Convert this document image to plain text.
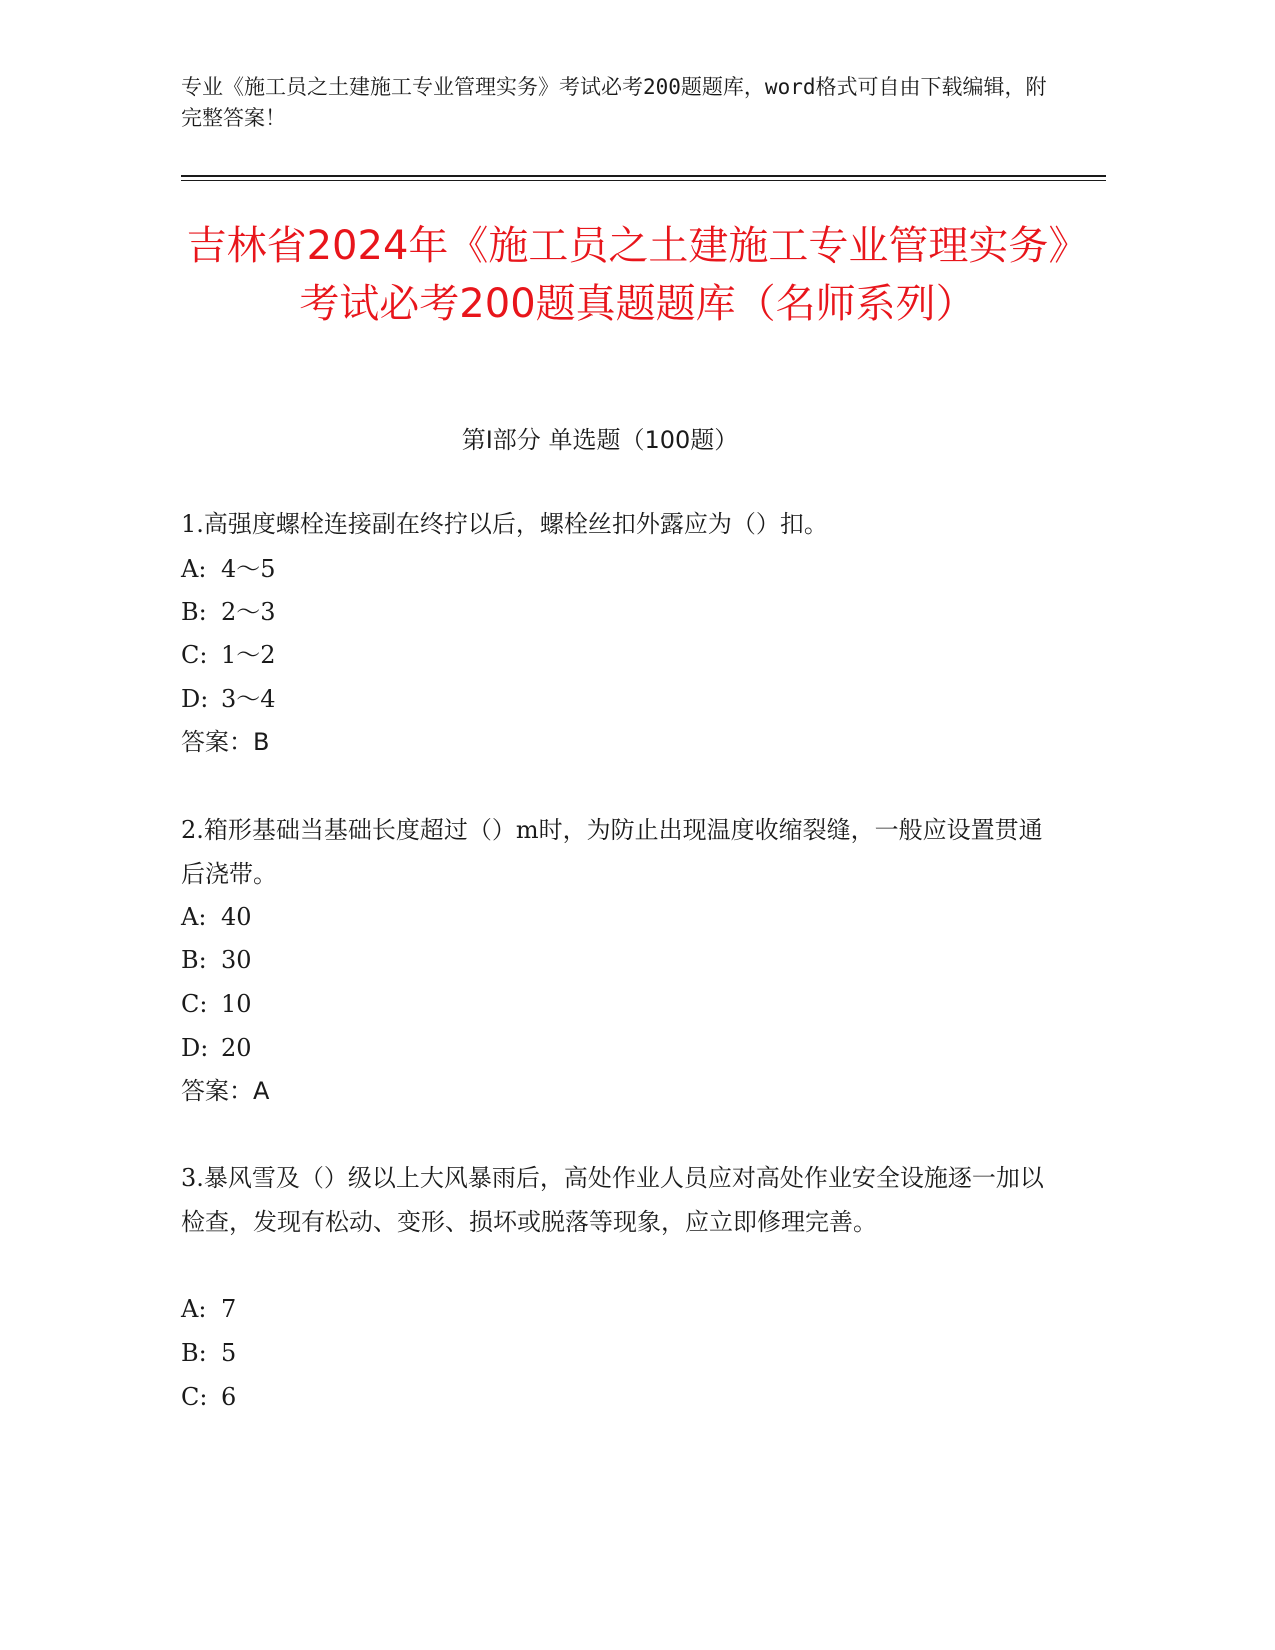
专业《施工员之土建施工专业管理实务》考试必考200题题库，word格式可自由下载编辑，附完整答案！
吉林省2024年《施工员之土建施工专业管理实务》考试必考200题真题题库（名师系列）
第Ⅰ部分 单选题（100题）
1.高强度螺栓连接副在终拧以后，螺栓丝扣外露应为（）扣。
A: 4～5
B: 2～3
C: 1～2
D: 3～4
答案：B
2.箱形基础当基础长度超过（）m时，为防止出现温度收缩裂缝，一般应设置贯通后浇带。
A: 40
B: 30
C: 10
D: 20
答案：A
3.暴风雪及（）级以上大风暴雨后，高处作业人员应对高处作业安全设施逐一加以检查，发现有松动、变形、损坏或脱落等现象，应立即修理完善。
A: 7
B: 5
C: 6
